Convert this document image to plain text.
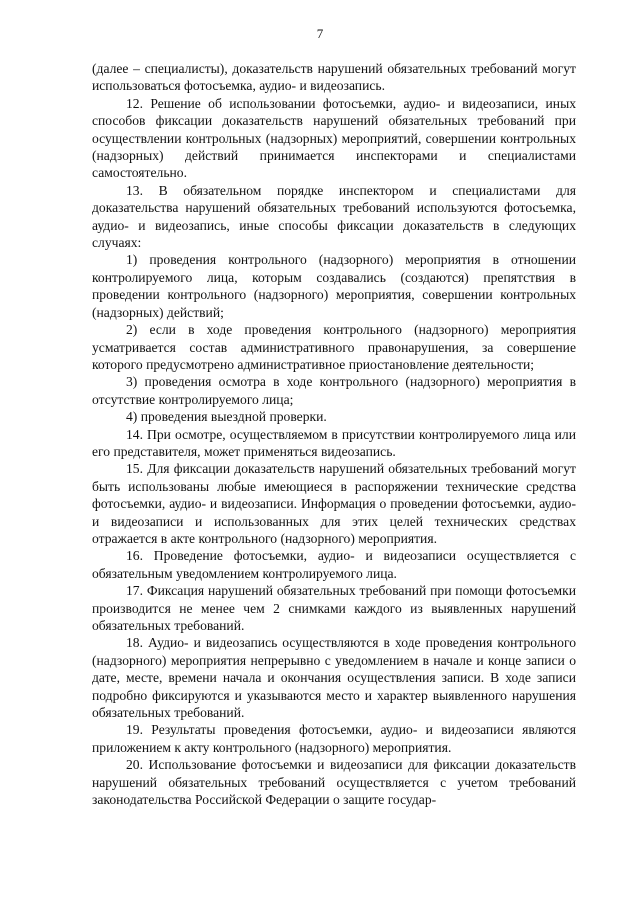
7

(далее – специалисты), доказательств нарушений обязательных требований могут использоваться фотосъемка, аудио- и видеозапись.

12. Решение об использовании фотосъемки, аудио- и видеозаписи, иных способов фиксации доказательств нарушений обязательных требований при осуществлении контрольных (надзорных) мероприятий, совершении контрольных (надзорных) действий принимается инспекторами и специалистами самостоятельно.

13. В обязательном порядке инспектором и специалистами для доказательства нарушений обязательных требований используются фотосъемка, аудио- и видеозапись, иные способы фиксации доказательств в следующих случаях:

1) проведения контрольного (надзорного) мероприятия в отношении контролируемого лица, которым создавались (создаются) препятствия в проведении контрольного (надзорного) мероприятия, совершении контрольных (надзорных) действий;

2) если в ходе проведения контрольного (надзорного) мероприятия усматривается состав административного правонарушения, за совершение которого предусмотрено административное приостановление деятельности;

3) проведения осмотра в ходе контрольного (надзорного) мероприятия в отсутствие контролируемого лица;

4) проведения выездной проверки.

14. При осмотре, осуществляемом в присутствии контролируемого лица или его представителя, может применяться видеозапись.

15. Для фиксации доказательств нарушений обязательных требований могут быть использованы любые имеющиеся в распоряжении технические средства фотосъемки, аудио- и видеозаписи. Информация о проведении фотосъемки, аудио- и видеозаписи и использованных для этих целей технических средствах отражается в акте контрольного (надзорного) мероприятия.

16. Проведение фотосъемки, аудио- и видеозаписи осуществляется с обязательным уведомлением контролируемого лица.

17. Фиксация нарушений обязательных требований при помощи фотосъемки производится не менее чем 2 снимками каждого из выявленных нарушений обязательных требований.

18. Аудио- и видеозапись осуществляются в ходе проведения контрольного (надзорного) мероприятия непрерывно с уведомлением в начале и конце записи о дате, месте, времени начала и окончания осуществления записи. В ходе записи подробно фиксируются и указываются место и характер выявленного нарушения обязательных требований.

19. Результаты проведения фотосъемки, аудио- и видеозаписи являются приложением к акту контрольного (надзорного) мероприятия.

20. Использование фотосъемки и видеозаписи для фиксации доказательств нарушений обязательных требований осуществляется с учетом требований законодательства Российской Федерации о защите государ-
